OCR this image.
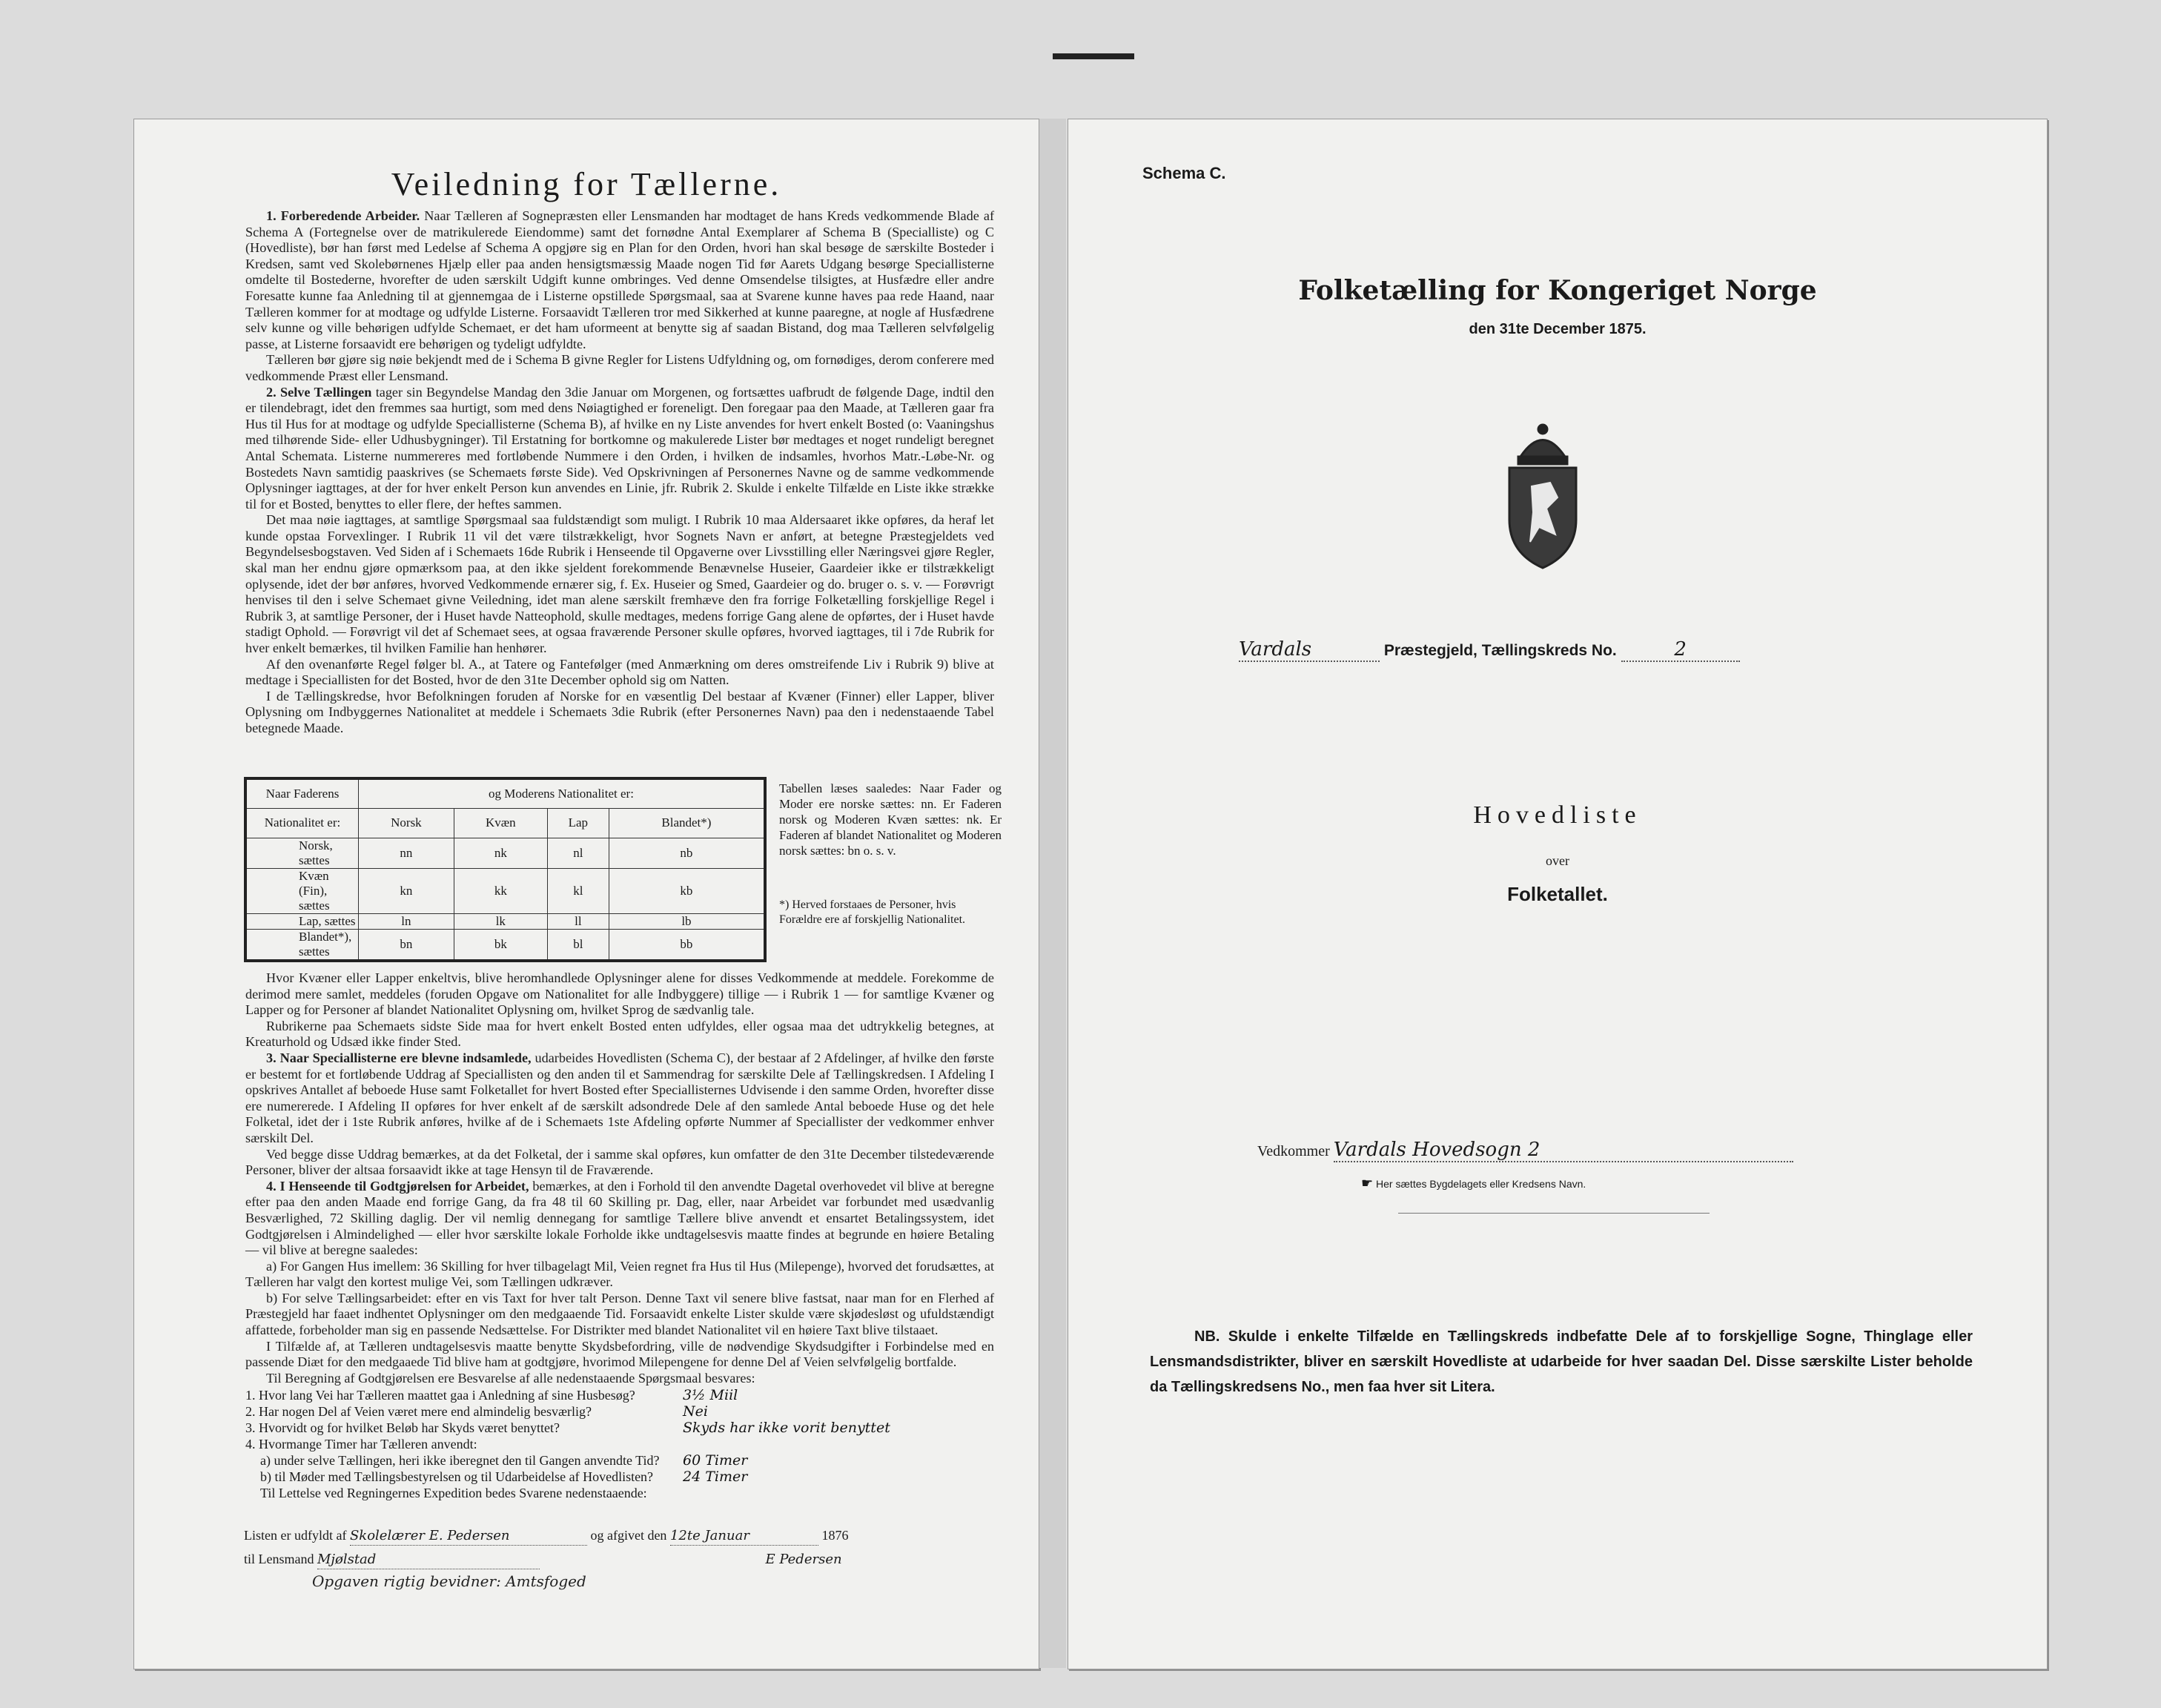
Veiledning for Tællerne.

1. Forberedende Arbeider. Naar Tælleren af Sognepræsten eller Lensmanden har modtaget de hans Kreds vedkommende Blade af Schema A (Fortegnelse over de matrikulerede Eiendomme) samt det fornødne Antal Exemplarer af Schema B (Specialliste) og C (Hovedliste), bør han først med Ledelse af Schema A opgjøre sig en Plan for den Orden, hvori han skal besøge de særskilte Bosteder i Kredsen, samt ved Skolebørnenes Hjælp eller paa anden hensigtsmæssig Maade nogen Tid før Aarets Udgang besørge Speciallisterne omdelte til Bostederne, hvorefter de uden særskilt Udgift kunne ombringes. Ved denne Omsendelse tilsigtes, at Husfædre eller andre Foresatte kunne faa Anledning til at gjennemgaa de i Listerne opstillede Spørgsmaal, saa at Svarene kunne haves paa rede Haand, naar Tælleren kommer for at modtage og udfylde Listerne. Forsaavidt Tælleren tror med Sikkerhed at kunne paaregne, at nogle af Husfædrene selv kunne og ville behørigen udfylde Schemaet, er det ham uformeent at benytte sig af saadan Bistand, dog maa Tælleren selvfølgelig passe, at Listerne forsaavidt ere behørigen og tydeligt udfyldte.

Tælleren bør gjøre sig nøie bekjendt med de i Schema B givne Regler for Listens Udfyldning og, om fornødiges, derom conferere med vedkommende Præst eller Lensmand.

2. Selve Tællingen tager sin Begyndelse Mandag den 3die Januar om Morgenen, og fortsættes uafbrudt de følgende Dage, indtil den er tilendebragt, idet den fremmes saa hurtigt, som med dens Nøiagtighed er foreneligt. Den foregaar paa den Maade, at Tælleren gaar fra Hus til Hus for at modtage og udfylde Speciallisterne (Schema B), af hvilke en ny Liste anvendes for hvert enkelt Bosted (o: Vaaningshus med tilhørende Side- eller Udhusbygninger). Til Erstatning for bortkomne og makulerede Lister bør medtages et noget rundeligt beregnet Antal Schemata. Listerne nummereres med fortløbende Nummere i den Orden, i hvilken de indsamles, hvorhos Matr.-Løbe-Nr. og Bostedets Navn samtidig paaskrives (se Schemaets første Side). Ved Opskrivningen af Personernes Navne og de samme vedkommende Oplysninger iagttages, at der for hver enkelt Person kun anvendes en Linie, jfr. Rubrik 2. Skulde i enkelte Tilfælde en Liste ikke strække til for et Bosted, benyttes to eller flere, der heftes sammen.

Det maa nøie iagttages, at samtlige Spørgsmaal saa fuldstændigt som muligt. I Rubrik 10 maa Aldersaaret ikke opføres, da heraf let kunde opstaa Forvexlinger. I Rubrik 11 vil det være tilstrækkeligt, hvor Sognets Navn er anført, at betegne Præstegjeldets ved Begyndelsesbogstaven. Ved Siden af i Schemaets 16de Rubrik i Henseende til Opgaverne over Livsstilling eller Næringsvei gjøre Regler, skal man her endnu gjøre opmærksom paa, at den ikke sjeldent forekommende Benævnelse Huseier, Gaardeier ikke er tilstrækkeligt oplysende, idet der bør anføres, hvorved Vedkommende ernærer sig, f. Ex. Huseier og Smed, Gaardeier og do. bruger o. s. v. — Forøvrigt henvises til den i selve Schemaet givne Veiledning, idet man alene særskilt fremhæve den fra forrige Folketælling forskjellige Regel i Rubrik 3, at samtlige Personer, der i Huset havde Natteophold, skulle medtages, medens forrige Gang alene de opførtes, der i Huset havde stadigt Ophold. — Forøvrigt vil det af Schemaet sees, at ogsaa fraværende Personer skulle opføres, hvorved iagttages, til i 7de Rubrik for hver enkelt bemærkes, til hvilken Familie han henhører.

Af den ovenanførte Regel følger bl. A., at Tatere og Fantefølger (med Anmærkning om deres omstreifende Liv i Rubrik 9) blive at medtage i Speciallisten for det Bosted, hvor de den 31te December ophold sig om Natten.

I de Tællingskredse, hvor Befolkningen foruden af Norske for en væsentlig Del bestaar af Kvæner (Finner) eller Lapper, bliver Oplysning om Indbyggernes Nationalitet at meddele i Schemaets 3die Rubrik (efter Personernes Navn) paa den i nedenstaaende Tabel betegnede Maade.

Naar Faderens	og Moderens Nationalitet er:			
Nationalitet er:	Norsk	Kvæn	Lap	Blandet*)
Norsk, sættes	nn	nk	nl	nb
Kvæn (Fin), sættes	kn	kk	kl	kb
Lap, sættes	ln	lk	ll	lb
Blandet*), sættes	bn	bk	bl	bb
Tabellen læses saaledes: Naar Fader og Moder ere norske sættes: nn. Er Faderen norsk og Moderen Kvæn sættes: nk. Er Faderen af blandet Nationalitet og Moderen norsk sættes: bn o. s. v.
*) Herved forstaaes de Personer, hvis Forældre ere af forskjellig Nationalitet.

Hvor Kvæner eller Lapper enkeltvis, blive heromhandlede Oplysninger alene for disses Vedkommende at meddele. Forekomme de derimod mere samlet, meddeles (foruden Opgave om Nationalitet for alle Indbyggere) tillige — i Rubrik 1 — for samtlige Kvæner og Lapper og for Personer af blandet Nationalitet Oplysning om, hvilket Sprog de sædvanlig tale.

Rubrikerne paa Schemaets sidste Side maa for hvert enkelt Bosted enten udfyldes, eller ogsaa maa det udtrykkelig betegnes, at Kreaturhold og Udsæd ikke finder Sted.

3. Naar Speciallisterne ere blevne indsamlede, udarbeides Hovedlisten (Schema C), der bestaar af 2 Afdelinger, af hvilke den første er bestemt for et fortløbende Uddrag af Speciallisten og den anden til et Sammendrag for særskilte Dele af Tællingskredsen. I Afdeling I opskrives Antallet af beboede Huse samt Folketallet for hvert Bosted efter Speciallisternes Udvisende i den samme Orden, hvorefter disse ere numererede. I Afdeling II opføres for hver enkelt af de særskilt adsondrede Dele af den samlede Antal beboede Huse og det hele Folketal, idet der i 1ste Rubrik anføres, hvilke af de i Schemaets 1ste Afdeling opførte Nummer af Speciallister der vedkommer enhver særskilt Del.

Ved begge disse Uddrag bemærkes, at da det Folketal, der i samme skal opføres, kun omfatter de den 31te December tilstedeværende Personer, bliver der altsaa forsaavidt ikke at tage Hensyn til de Fraværende.

4. I Henseende til Godtgjørelsen for Arbeidet, bemærkes, at den i Forhold til den anvendte Dagetal overhovedet vil blive at beregne efter paa den anden Maade end forrige Gang, da fra 48 til 60 Skilling pr. Dag, eller, naar Arbeidet var forbundet med usædvanlig Besværlighed, 72 Skilling daglig. Der vil nemlig dennegang for samtlige Tællere blive anvendt et ensartet Betalingssystem, idet Godtgjørelsen i Almindelighed — eller hvor særskilte lokale Forholde ikke undtagelsesvis maatte findes at begrunde en høiere Betaling — vil blive at beregne saaledes:

a) For Gangen Hus imellem: 36 Skilling for hver tilbagelagt Mil, Veien regnet fra Hus til Hus (Milepenge), hvorved det forudsættes, at Tælleren har valgt den kortest mulige Vei, som Tællingen udkræver.

b) For selve Tællingsarbeidet: efter en vis Taxt for hver talt Person. Denne Taxt vil senere blive fastsat, naar man for en Flerhed af Præstegjeld har faaet indhentet Oplysninger om den medgaaende Tid. Forsaavidt enkelte Lister skulde være skjødesløst og ufuldstændigt affattede, forbeholder man sig en passende Nedsættelse. For Distrikter med blandet Nationalitet vil en høiere Taxt blive tilstaaet.

I Tilfælde af, at Tælleren undtagelsesvis maatte benytte Skydsbefordring, ville de nødvendige Skydsudgifter i Forbindelse med en passende Diæt for den medgaaede Tid blive ham at godtgjøre, hvorimod Milepengene for denne Del af Veien selvfølgelig bortfalde.

Til Beregning af Godtgjørelsen ere Besvarelse af alle nedenstaaende Spørgsmaal besvares:

1. Hvor lang Vei har Tælleren maattet gaa i Anledning af sine Husbesøg?	3½ Miil
2. Har nogen Del af Veien været mere end almindelig besværlig?	Nei
3. Hvorvidt og for hvilket Beløb har Skyds været benyttet?	Skyds har ikke vorit benyttet
4. Hvormange Timer har Tælleren anvendt:
a) under selve Tællingen, heri ikke iberegnet den til Gangen anvendte Tid? 60 Timer
b) til Møder med Tællingsbestyrelsen og til Udarbeidelse af Hovedlisten? 24 Timer
Til Lettelse ved Regningernes Expedition bedes Svarene nedenstaaende:
Listen er udfyldt af Skolelærer E. Pedersen	og afgivet den 12te Januar	1876
til Lensmand Mjølstad	E Pedersen
Opgaven rigtig bevidner: Amtsfoged
Schema C.
Folketælling for Kongeriget Norge
den 31te December 1875.
Vardals	Præstegjeld, Tællingskreds No.	2
Hovedliste
over
Folketallet.
Vedkommer Vardals Hovedsogn 2
☛ Her sættes Bygdelagets eller Kredsens Navn.

NB. Skulde i enkelte Tilfælde en Tællingskreds indbefatte Dele af to forskjellige Sogne, Thinglage eller Lensmandsdistrikter, bliver en særskilt Hovedliste at udarbeide for hver saadan Del. Disse særskilte Lister beholde da Tællingskredsens No., men faa hver sit Litera.
